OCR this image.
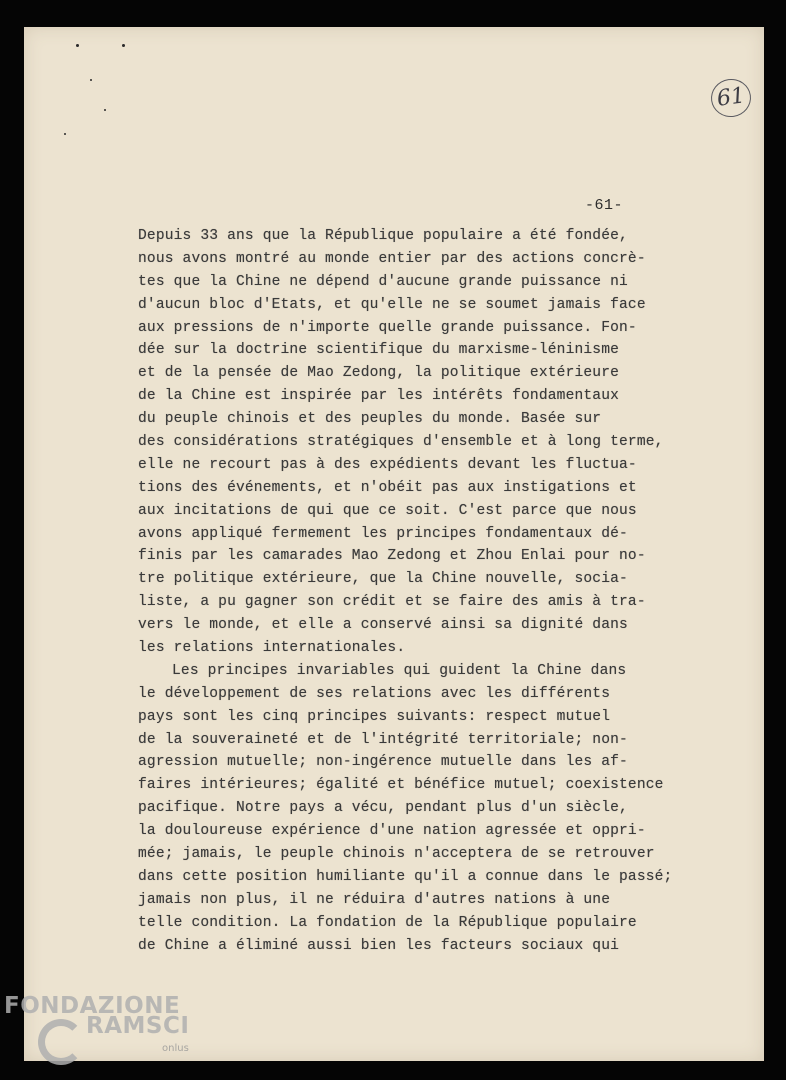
61
-61-
Depuis 33 ans que la République populaire a été fondée,
nous avons montré au monde entier par des actions concrè-
tes que la Chine ne dépend d'aucune grande puissance ni
d'aucun bloc d'Etats, et qu'elle ne se soumet jamais face
aux pressions de n'importe quelle grande puissance. Fon-
dée sur la doctrine scientifique du marxisme-léninisme
et de la pensée de Mao Zedong, la politique extérieure
de la Chine est inspirée par les intérêts fondamentaux
du peuple chinois et des peuples du monde. Basée sur
des considérations stratégiques d'ensemble et à long terme,
elle ne recourt pas à des expédients devant les fluctua-
tions des événements, et n'obéit pas aux instigations et
aux incitations de qui que ce soit. C'est parce que nous
avons appliqué fermement les principes fondamentaux dé-
finis par les camarades Mao Zedong et Zhou Enlai pour no-
tre politique extérieure, que la Chine nouvelle, socia-
liste, a pu gagner son crédit et se faire des amis à tra-
vers le monde, et elle a conservé ainsi sa dignité dans
les relations internationales.
Les principes invariables qui guident la Chine dans
le développement de ses relations avec les différents
pays sont les cinq principes suivants: respect mutuel
de la souveraineté et de l'intégrité territoriale; non-
agression mutuelle; non-ingérence mutuelle dans les af-
faires intérieures; égalité et bénéfice mutuel; coexistence
pacifique. Notre pays a vécu, pendant plus d'un siècle,
la douloureuse expérience d'une nation agressée et oppri-
mée; jamais, le peuple chinois n'acceptera de se retrouver
dans cette position humiliante qu'il a connue dans le passé;
jamais non plus, il ne réduira d'autres nations à une
telle condition. La fondation de la République populaire
de Chine a éliminé aussi bien les facteurs sociaux qui
FONDAZIONE
RAMSCI
onlus
